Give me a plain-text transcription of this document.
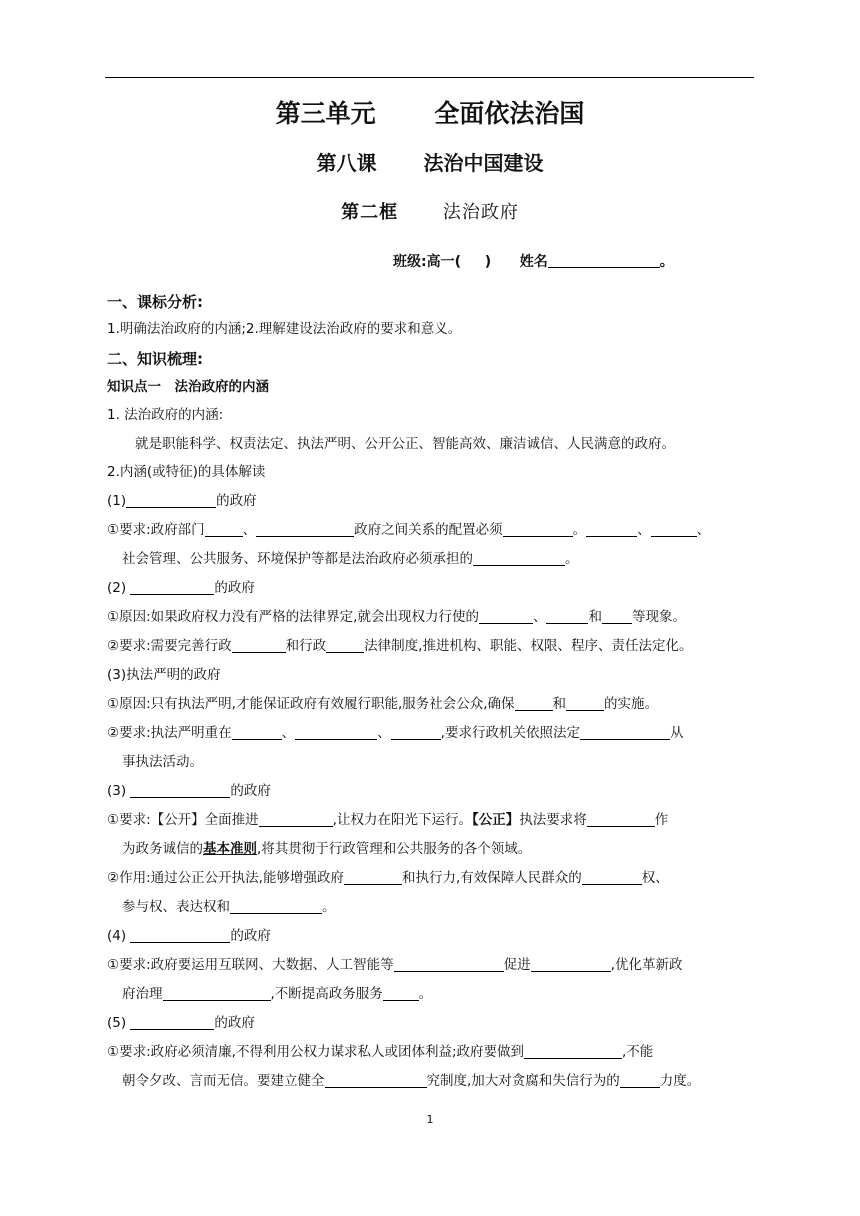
第三单元　　 全面依法治国
第八课　　 法治中国建设
第二框　　 法治政府
班级:高一(　 )　 姓名	。
一、课标分析:
1.明确法治政府的内涵;2.理解建设法治政府的要求和意义。
二、知识梳理:
知识点一　法治政府的内涵
1. 法治政府的内涵:
就是职能科学、权责法定、执法严明、公开公正、智能高效、廉洁诚信、人民满意的政府。
2.内涵(或特征)的具体解读
(1)	的政府
①要求:政府部门	、	政府之间关系的配置必须	。	、	、
社会管理、公共服务、环境保护等都是法治政府必须承担的	。
(2)	的政府
①原因:如果政府权力没有严格的法律界定,就会出现权力行使的	、	和 等现象。
②要求:需要完善行政	和行政	法律制度,推进机构、职能、权限、程序、责任法定化。
(3)执法严明的政府
①原因:只有执法严明,才能保证政府有效履行职能,服务社会公众,确保	和	的实施。
②要求:执法严明重在	、	、	,要求行政机关依照法定	从
事执法活动。
(3)	的政府
①要求:【公开】全面推进	,让权力在阳光下运行。【公正】执法要求将	作
为政务诚信的基本准则,将其贯彻于行政管理和公共服务的各个领域。
②作用:通过公正公开执法,能够增强政府	和执行力,有效保障人民群众的	权、
参与权、表达权和	。
(4)	的政府
①要求:政府要运用互联网、大数据、人工智能等	促进	,优化革新政
府治理	,不断提高政务服务	。
(5)	的政府
①要求:政府必须清廉,不得利用公权力谋求私人或团体利益;政府要做到	,不能
朝令夕改、言而无信。要建立健全	究制度,加大对贪腐和失信行为的	力度。
1
